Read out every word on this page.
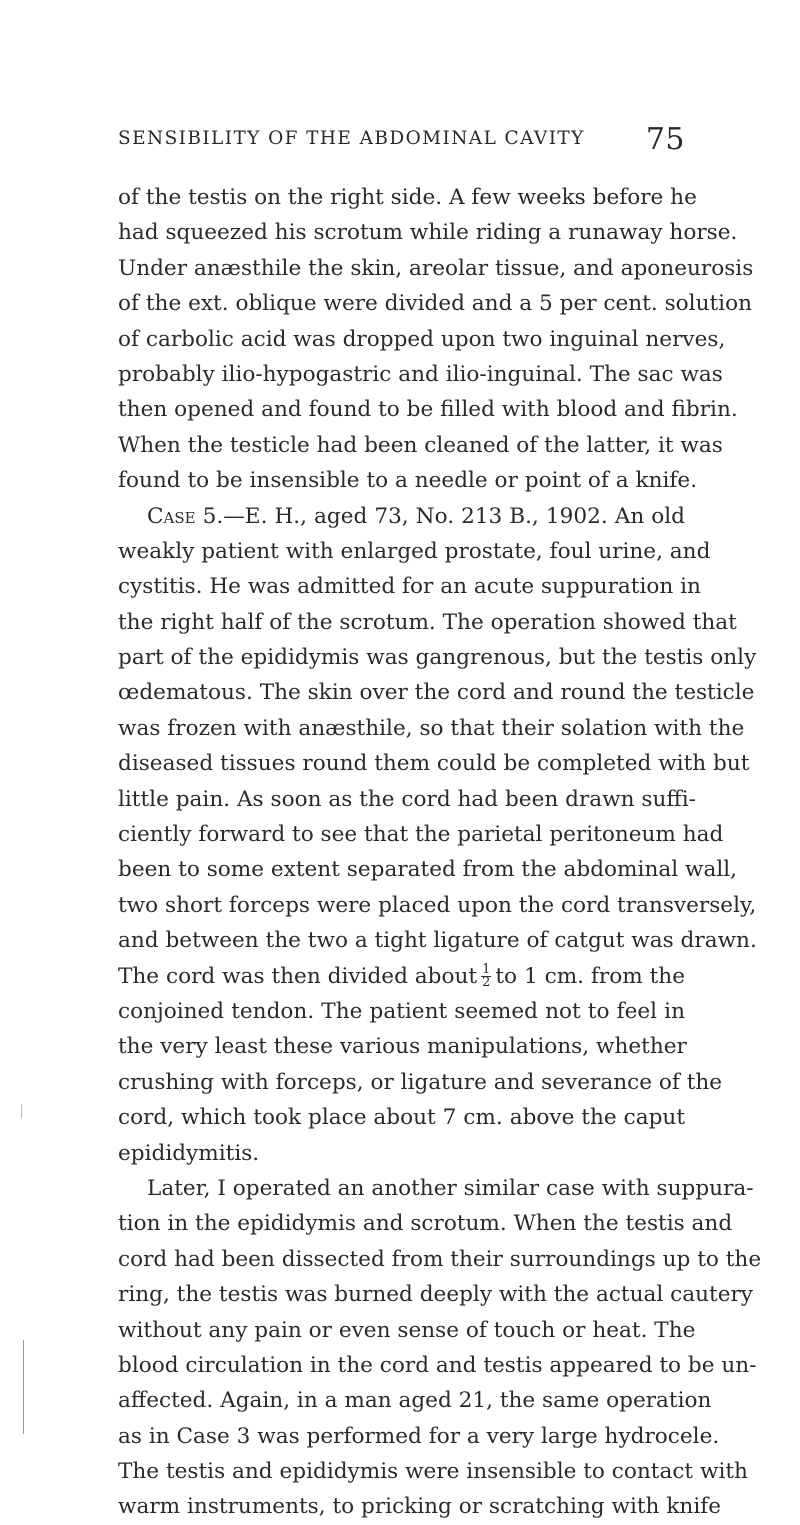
SENSIBILITY OF THE ABDOMINAL CAVITY 75
of the testis on the right side. A few weeks before he
had squeezed his scrotum while riding a runaway horse.
Under anæsthile the skin, areolar tissue, and aponeurosis
of the ext. oblique were divided and a 5 per cent. solution
of carbolic acid was dropped upon two inguinal nerves,
probably ilio-hypogastric and ilio-inguinal. The sac was
then opened and found to be filled with blood and fibrin.
When the testicle had been cleaned of the latter, it was
found to be insensible to a needle or point of a knife.
Case 5.—E. H., aged 73, No. 213 B., 1902. An old
weakly patient with enlarged prostate, foul urine, and
cystitis. He was admitted for an acute suppuration in
the right half of the scrotum. The operation showed that
part of the epididymis was gangrenous, but the testis only
œdematous. The skin over the cord and round the testicle
was frozen with anæsthile, so that their solation with the
diseased tissues round them could be completed with but
little pain. As soon as the cord had been drawn suffi-
ciently forward to see that the parietal peritoneum had
been to some extent separated from the abdominal wall,
two short forceps were placed upon the cord transversely,
and between the two a tight ligature of catgut was drawn.
The cord was then divided about $\frac{1}{2}$ to 1 cm. from the
conjoined tendon. The patient seemed not to feel in
the very least these various manipulations, whether
crushing with forceps, or ligature and severance of the
cord, which took place about 7 cm. above the caput
epididymitis.
Later, I operated an another similar case with suppura-
tion in the epididymis and scrotum. When the testis and
cord had been dissected from their surroundings up to the
ring, the testis was burned deeply with the actual cautery
without any pain or even sense of touch or heat. The
blood circulation in the cord and testis appeared to be un-
affected. Again, in a man aged 21, the same operation
as in Case 3 was performed for a very large hydrocele.
The testis and epididymis were insensible to contact with
warm instruments, to pricking or scratching with knife
